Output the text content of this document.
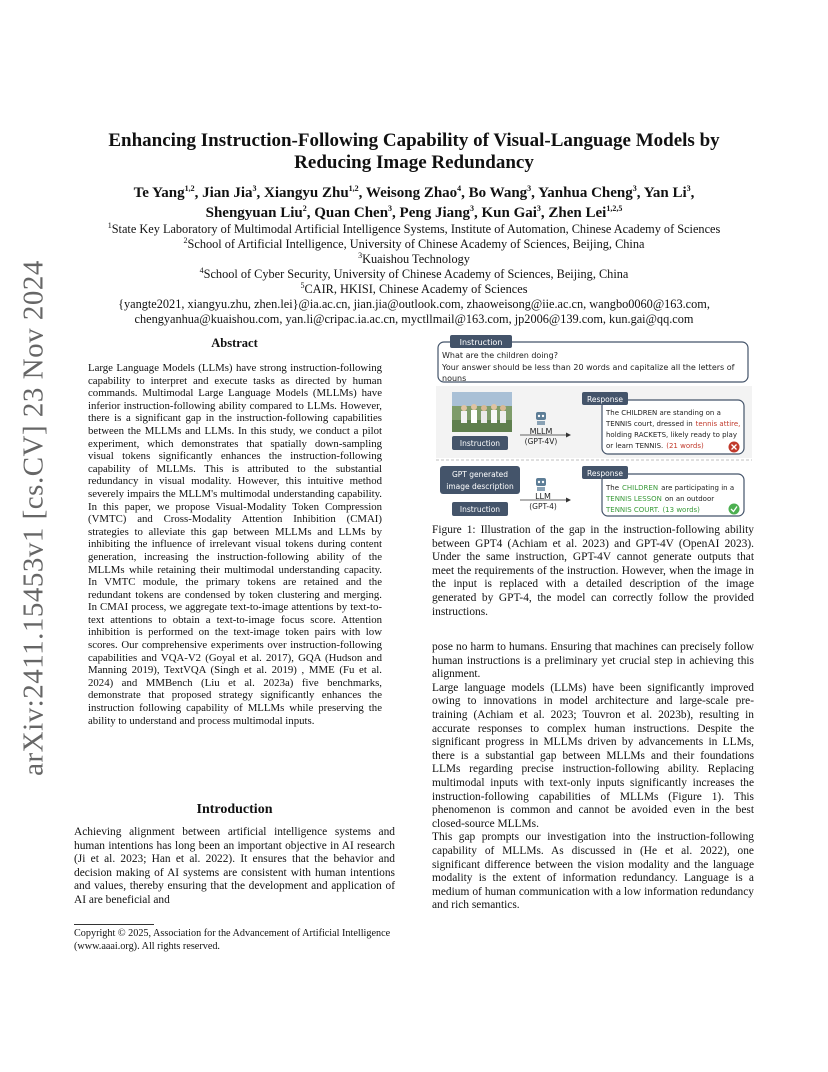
arXiv:2411.15453v1 [cs.CV] 23 Nov 2024
Enhancing Instruction-Following Capability of Visual-Language Models by
Reducing Image Redundancy
Te Yang$^{1,2}$, Jian Jia$^3$, Xiangyu Zhu$^{1,2}$, Weisong Zhao$^4$, Bo Wang$^3$, Yanhua Cheng$^3$, Yan Li$^3$,
Shengyuan Liu$^2$, Quan Chen$^3$, Peng Jiang$^3$, Kun Gai$^3$, Zhen Lei$^{1,2,5}$
$^1$State Key Laboratory of Multimodal Artificial Intelligence Systems, Institute of Automation, Chinese Academy of Sciences
$^2$School of Artificial Intelligence, University of Chinese Academy of Sciences, Beijing, China
$^3$Kuaishou Technology
$^4$School of Cyber Security, University of Chinese Academy of Sciences, Beijing, China
$^5$CAIR, HKISI, Chinese Academy of Sciences
{yangte2021, xiangyu.zhu, zhen.lei}@ia.ac.cn, jian.jia@outlook.com, zhaoweisong@iie.ac.cn, wangbo0060@163.com,
chengyanhua@kuaishou.com, yan.li@cripac.ia.ac.cn, myctllmail@163.com, jp2006@139.com, kun.gai@qq.com
Abstract
Large Language Models (LLMs) have strong instruction-following capability to interpret and execute tasks as directed by human commands. Multimodal Large Language Models (MLLMs) have inferior instruction-following ability compared to LLMs. However, there is a significant gap in the instruction-following capabilities between the MLLMs and LLMs. In this study, we conduct a pilot experiment, which demonstrates that spatially down-sampling visual tokens significantly enhances the instruction-following capability of MLLMs. This is attributed to the substantial redundancy in visual modality. However, this intuitive method severely impairs the MLLM's multimodal understanding capability. In this paper, we propose Visual-Modality Token Compression (VMTC) and Cross-Modality Attention Inhibition (CMAI) strategies to alleviate this gap between MLLMs and LLMs by inhibiting the influence of irrelevant visual tokens during content generation, increasing the instruction-following ability of the MLLMs while retaining their multimodal understanding capacity. In VMTC module, the primary tokens are retained and the redundant tokens are condensed by token clustering and merging. In CMAI process, we aggregate text-to-image attentions by text-to-text attentions to obtain a text-to-image focus score. Attention inhibition is performed on the text-image token pairs with low scores. Our comprehensive experiments over instruction-following capabilities and VQA-V2 (Goyal et al. 2017), GQA (Hudson and Manning 2019), TextVQA (Singh et al. 2019) , MME (Fu et al. 2024) and MMBench (Liu et al. 2023a) five benchmarks, demonstrate that proposed strategy significantly enhances the instruction following capability of MLLMs while preserving the ability to understand and process multimodal inputs.
Introduction
Achieving alignment between artificial intelligence systems and human intentions has long been an important objective in AI research (Ji et al. 2023; Han et al. 2022). It ensures that the behavior and decision making of AI systems are consistent with human intentions and values, thereby ensuring that the development and application of AI are beneficial and
Copyright © 2025, Association for the Advancement of Artificial Intelligence (www.aaai.org). All rights reserved.
Instruction
What are the children doing?
Your answer should be less than 20 words and capitalize all the letters of
nouns
Instruction
MLLM
(GPT-4V)
Response
The CHILDREN are standing on a
TENNIS court, dressed in tennis attire,
holding RACKETS, likely ready to play
or learn TENNIS. (21 words)
GPT generated
image description
Instruction
LLM
(GPT-4)
Response
The CHILDREN are participating in a
TENNIS LESSON on an outdoor
TENNIS COURT. (13 words)
Figure 1: Illustration of the gap in the instruction-following ability between GPT4 (Achiam et al. 2023) and GPT-4V (OpenAI 2023). Under the same instruction, GPT-4V cannot generate outputs that meet the requirements of the instruction. However, when the image in the input is replaced with a detailed description of the image generated by GPT-4, the model can correctly follow the provided instructions.

pose no harm to humans. Ensuring that machines can precisely follow human instructions is a preliminary yet crucial step in achieving this alignment.

Large language models (LLMs) have been significantly improved owing to innovations in model architecture and large-scale pre-training (Achiam et al. 2023; Touvron et al. 2023b), resulting in accurate responses to complex human instructions. Despite the significant progress in MLLMs driven by advancements in LLMs, there is a substantial gap between MLLMs and their foundations LLMs regarding precise instruction-following ability. Replacing multimodal inputs with text-only inputs significantly increases the instruction-following capabilities of MLLMs (Figure 1). This phenomenon is common and cannot be avoided even in the best closed-source MLLMs.

This gap prompts our investigation into the instruction-following capability of MLLMs. As discussed in (He et al. 2022), one significant difference between the vision modality and the language modality is the extent of information redundancy. Language is a medium of human communication with a low information redundancy and rich semantics.
